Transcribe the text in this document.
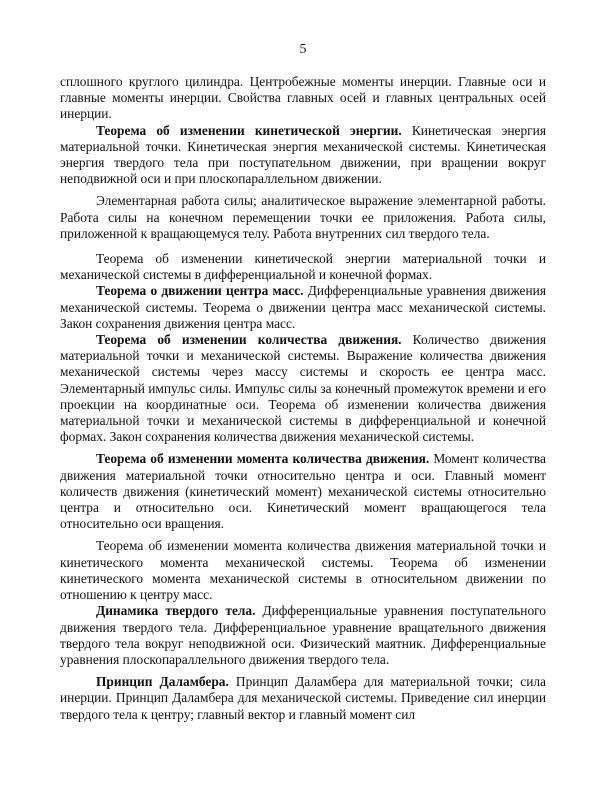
5

сплошного круглого цилиндра. Центробежные моменты инерции. Главные оси и главные моменты инерции. Свойства главных осей и главных центральных осей инерции.

Теорема об изменении кинетической энергии. Кинетическая энергия материальной точки. Кинетическая энергия механической системы. Кинетическая энергия твердого тела при поступательном движении, при вращении вокруг неподвижной оси и при плоскопараллельном движении.

Элементарная работа силы; аналитическое выражение элементарной работы. Работа силы на конечном перемещении точки ее приложения. Работа силы, приложенной к вращающемуся телу. Работа внутренних сил твердого тела.

Теорема об изменении кинетической энергии материальной точки и механической системы в дифференциальной и конечной формах.

Теорема о движении центра масс. Дифференциальные уравнения движения механической системы. Теорема о движении центра масс механической системы. Закон сохранения движения центра масс.

Теорема об изменении количества движения. Количество движения материальной точки и механической системы. Выражение количества движения механической системы через массу системы и скорость ее центра масс. Элементарный импульс силы. Импульс силы за конечный промежуток времени и его проекции на координатные оси. Теорема об изменении количества движения материальной точки и механической системы в дифференциальной и конечной формах. Закон сохранения количества движения механической системы.

Теорема об изменении момента количества движения. Момент количества движения материальной точки относительно центра и оси. Главный момент количеств движения (кинетический момент) механической системы относительно центра и относительно оси. Кинетический момент вращающегося тела относительно оси вращения.

Теорема об изменении момента количества движения материальной точки и кинетического момента механической системы. Теорема об изменении кинетического момента механической системы в относительном движении по отношению к центру масс.

Динамика твердого тела. Дифференциальные уравнения поступательного движения твердого тела. Дифференциальное уравнение вращательного движения твердого тела вокруг неподвижной оси. Физический маятник. Дифференциальные уравнения плоскопараллельного движения твердого тела.

Принцип Даламбера. Принцип Даламбера для материальной точки; сила инерции. Принцип Даламбера для механической системы. Приведение сил инерции твердого тела к центру; главный вектор и главный момент сил
